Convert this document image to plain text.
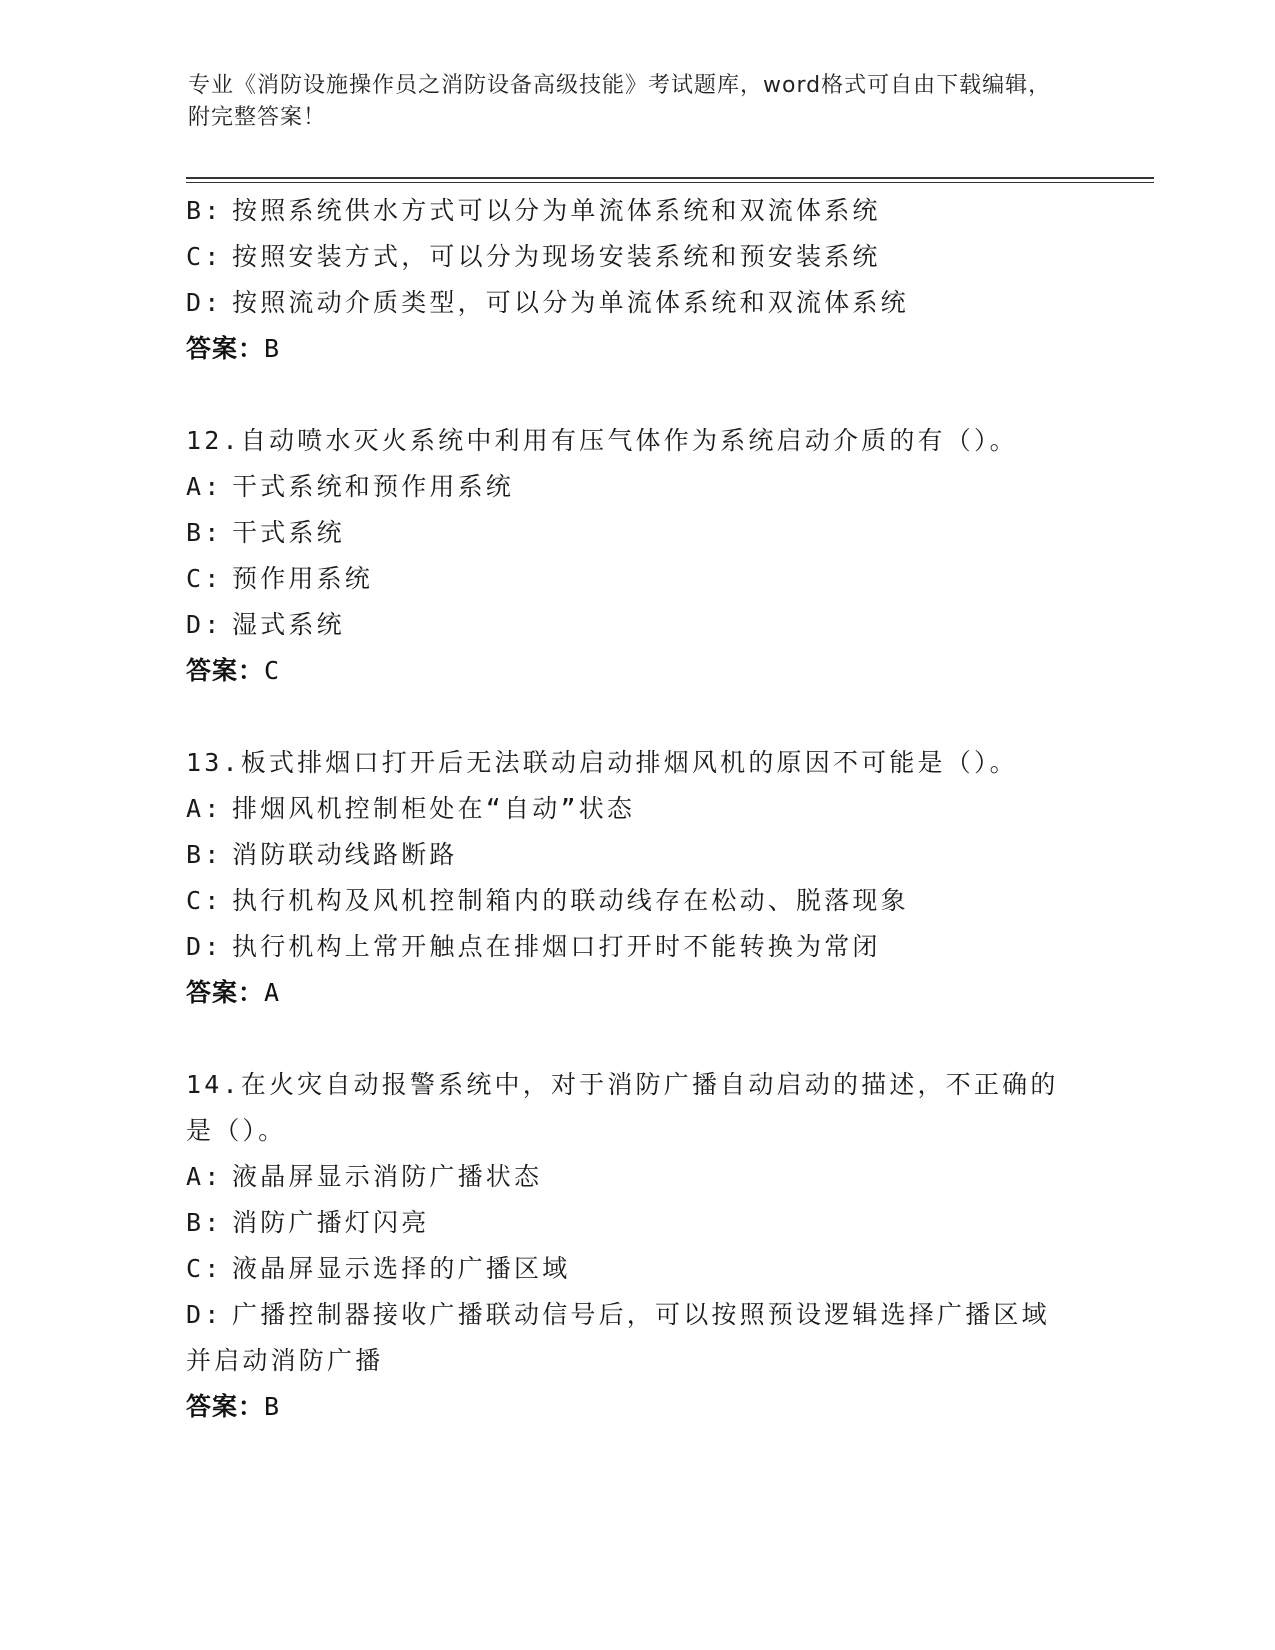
专业《消防设施操作员之消防设备高级技能》考试题库，word格式可自由下载编辑，附完整答案！
B: 按照系统供水方式可以分为单流体系统和双流体系统
C: 按照安装方式，可以分为现场安装系统和预安装系统
D: 按照流动介质类型，可以分为单流体系统和双流体系统
答案：B
12.自动喷水灭火系统中利用有压气体作为系统启动介质的有（）。
A: 干式系统和预作用系统
B: 干式系统
C: 预作用系统
D: 湿式系统
答案：C
13.板式排烟口打开后无法联动启动排烟风机的原因不可能是（）。
A: 排烟风机控制柜处在“自动”状态
B: 消防联动线路断路
C: 执行机构及风机控制箱内的联动线存在松动、脱落现象
D: 执行机构上常开触点在排烟口打开时不能转换为常闭
答案：A
14.在火灾自动报警系统中，对于消防广播自动启动的描述，不正确的是（）。
A: 液晶屏显示消防广播状态
B: 消防广播灯闪亮
C: 液晶屏显示选择的广播区域
D: 广播控制器接收广播联动信号后，可以按照预设逻辑选择广播区域并启动消防广播
答案：B
